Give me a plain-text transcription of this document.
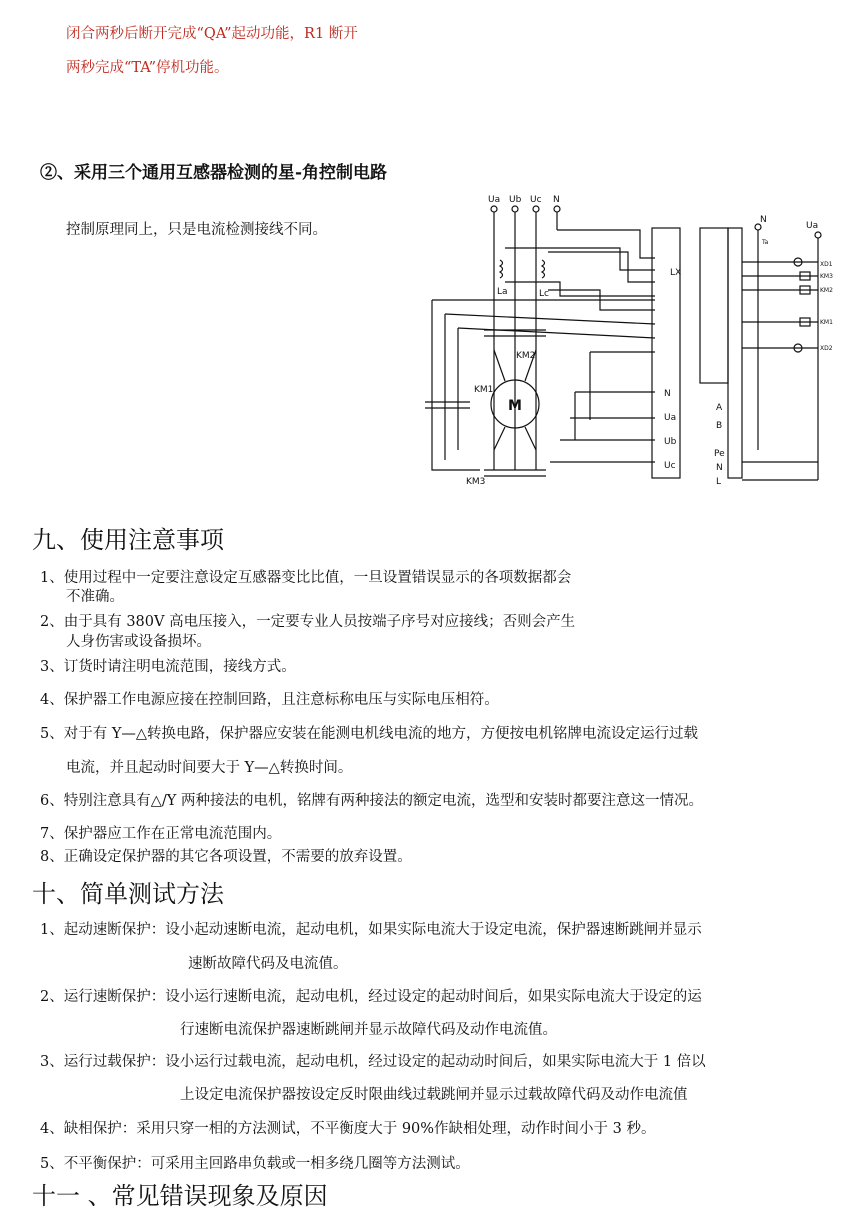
闭合两秒后断开完成“QA”起动功能，R1 断开
两秒完成“TA”停机功能。
②、采用三个通用互感器检测的星-角控制电路
控制原理同上，只是电流检测接线不同。
Ua Ub Uc N
N
Ua
La	Lc
KM2
KM1
KM3
M
LX
Ta
N
Ua
Ub
Uc
A
B
Pe
N
L
XD1
KM3
KM2
KM1
XD2
九、使用注意事项
1、使用过程中一定要注意设定互感器变比比值，一旦设置错误显示的各项数据都会
不准确。
2、由于具有 380V 高电压接入，一定要专业人员按端子序号对应接线；否则会产生
人身伤害或设备损坏。
3、订货时请注明电流范围，接线方式。
4、保护器工作电源应接在控制回路，且注意标称电压与实际电压相符。
5、对于有 Y—△转换电路，保护器应安装在能测电机线电流的地方，方便按电机铭牌电流设定运行过载
电流，并且起动时间要大于 Y—△转换时间。
6、特别注意具有△/Y 两种接法的电机，铭牌有两种接法的额定电流，选型和安装时都要注意这一情况。
7、保护器应工作在正常电流范围内。
8、正确设定保护器的其它各项设置，不需要的放弃设置。
十、简单测试方法
1、起动速断保护：设小起动速断电流，起动电机，如果实际电流大于设定电流，保护器速断跳闸并显示
速断故障代码及电流值。
2、运行速断保护：设小运行速断电流，起动电机，经过设定的起动时间后，如果实际电流大于设定的运
行速断电流保护器速断跳闸并显示故障代码及动作电流值。
3、运行过载保护：设小运行过载电流，起动电机，经过设定的起动动时间后，如果实际电流大于 1 倍以
上设定电流保护器按设定反时限曲线过载跳闸并显示过载故障代码及动作电流值
4、缺相保护：采用只穿一相的方法测试，不平衡度大于 90%作缺相处理，动作时间小于 3 秒。
5、不平衡保护：可采用主回路串负载或一相多绕几圈等方法测试。
十一 、常见错误现象及原因
